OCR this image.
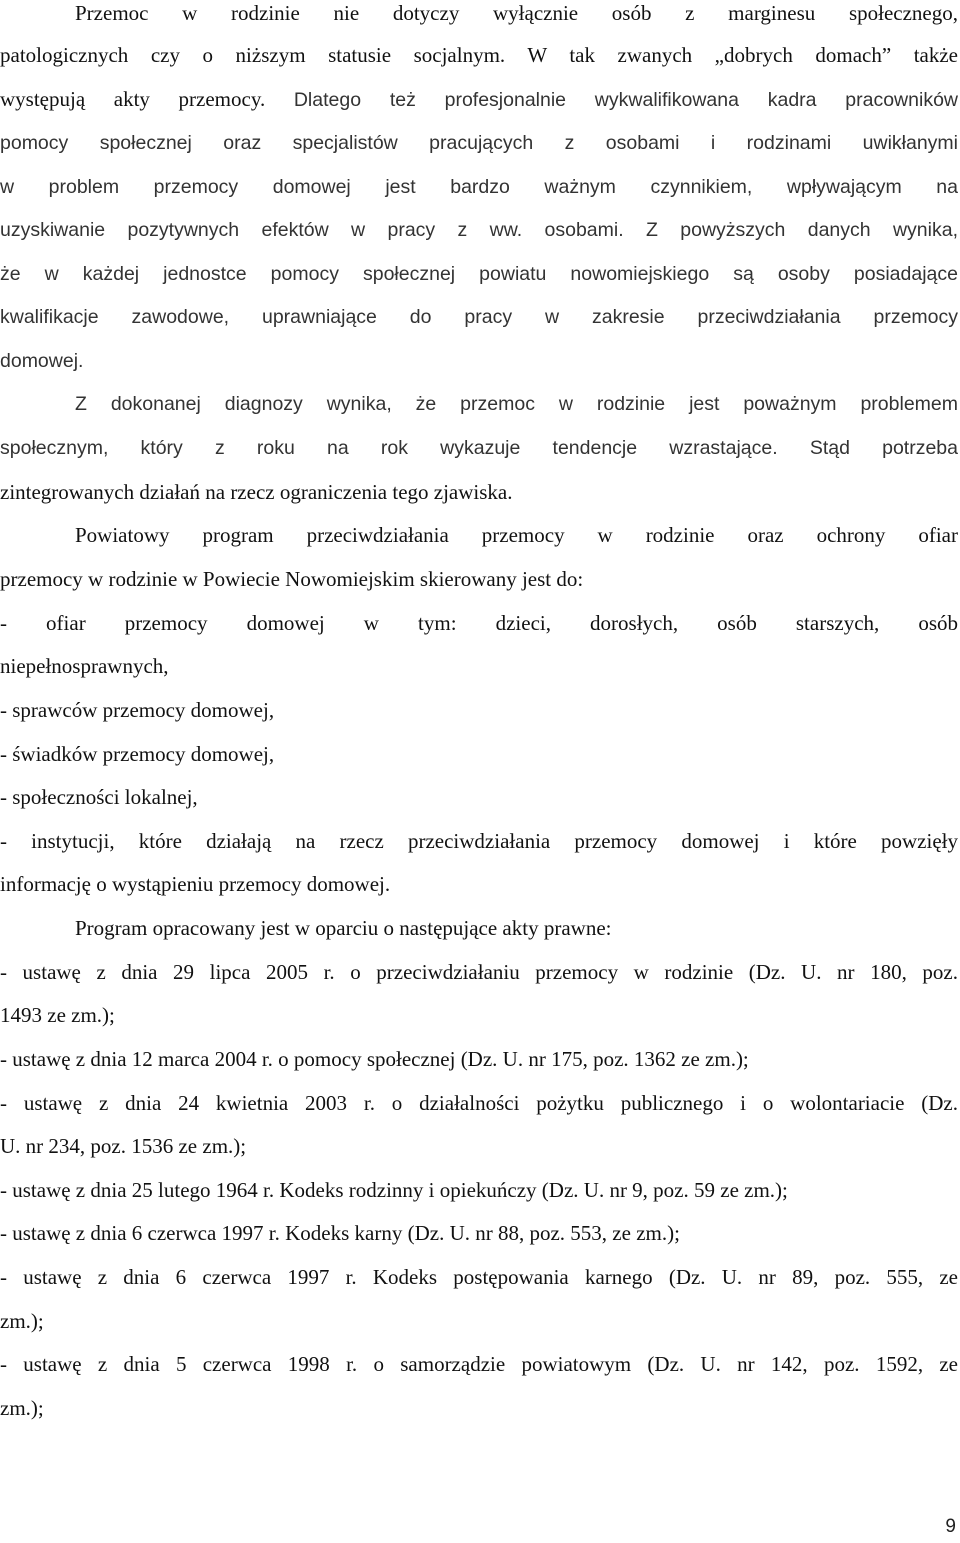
Przemoc w rodzinie nie dotyczy wyłącznie osób z marginesu społecznego,
patologicznych czy o niższym statusie socjalnym. W tak zwanych „dobrych domach” także
występują akty przemocy. Dlatego też profesjonalnie wykwalifikowana kadra pracowników
pomocy społecznej oraz specjalistów pracujących z osobami i rodzinami uwikłanymi
w problem przemocy domowej jest bardzo ważnym czynnikiem, wpływającym na
uzyskiwanie pozytywnych efektów w pracy z ww. osobami. Z powyższych danych wynika,
że w każdej jednostce pomocy społecznej powiatu nowomiejskiego są osoby posiadające
kwalifikacje zawodowe, uprawniające do pracy w zakresie przeciwdziałania przemocy
domowej.
Z dokonanej diagnozy wynika, że przemoc w rodzinie jest poważnym problemem
społecznym, który z roku na rok wykazuje tendencje wzrastające. Stąd potrzeba
zintegrowanych działań na rzecz ograniczenia tego zjawiska.
Powiatowy program przeciwdziałania przemocy w rodzinie oraz ochrony ofiar
przemocy w rodzinie w Powiecie Nowomiejskim skierowany jest do:
- ofiar przemocy domowej w tym: dzieci, dorosłych, osób starszych, osób
niepełnosprawnych,
- sprawców przemocy domowej,
- świadków przemocy domowej,
- społeczności lokalnej,
- instytucji, które działają na rzecz przeciwdziałania przemocy domowej i które powzięły
informację o wystąpieniu przemocy domowej.
Program opracowany jest w oparciu o następujące akty prawne:
- ustawę z dnia 29 lipca 2005 r. o przeciwdziałaniu przemocy w rodzinie (Dz. U. nr 180, poz.
1493 ze zm.);
- ustawę z dnia 12 marca 2004 r. o pomocy społecznej (Dz. U. nr 175, poz. 1362 ze zm.);
- ustawę z dnia 24 kwietnia 2003 r. o działalności pożytku publicznego i o wolontariacie (Dz.
U. nr 234, poz. 1536 ze zm.);
- ustawę z dnia 25 lutego 1964 r. Kodeks rodzinny i opiekuńczy (Dz. U. nr 9, poz. 59 ze zm.);
- ustawę z dnia 6 czerwca 1997 r. Kodeks karny (Dz. U. nr 88, poz. 553, ze zm.);
- ustawę z dnia 6 czerwca 1997 r. Kodeks postępowania karnego (Dz. U. nr 89, poz. 555, ze
zm.);
- ustawę z dnia 5 czerwca 1998 r. o samorządzie powiatowym (Dz. U. nr 142, poz. 1592, ze
zm.);
9
